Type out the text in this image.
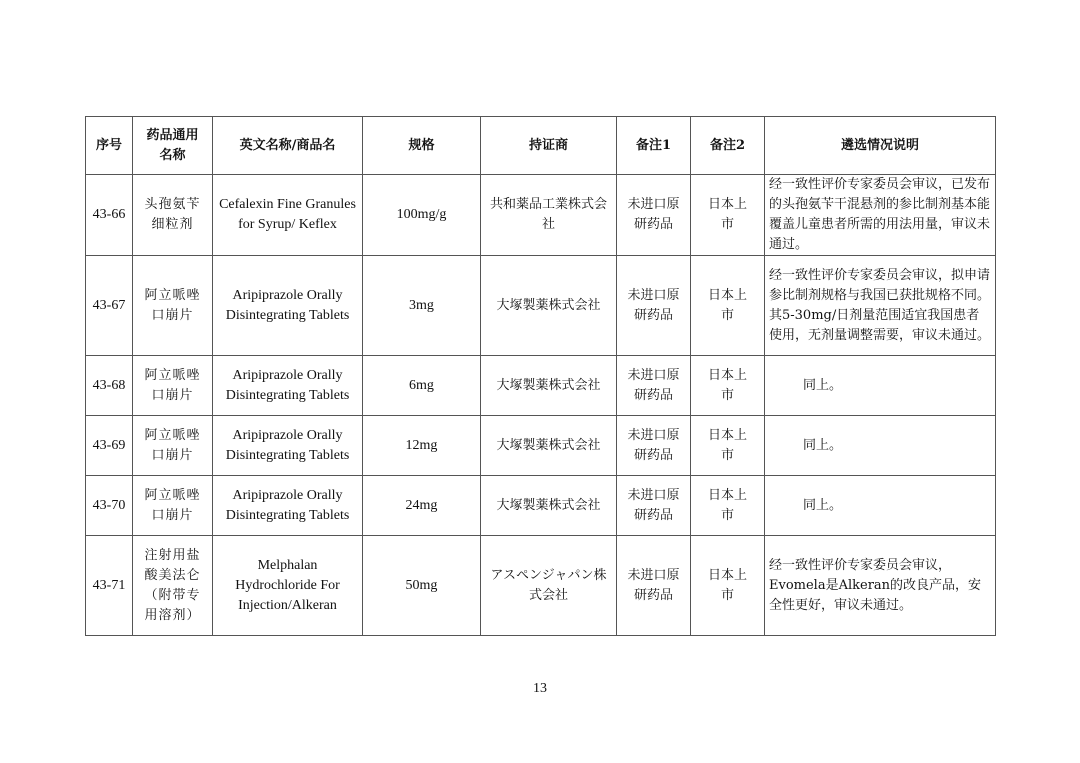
序号	药品通用名称	英文名称/商品名	规格	持证商	备注1	备注2	遴选情况说明
43-66	头孢氨苄细粒剂	Cefalexin Fine Granules for Syrup/ Keflex	100mg/g	共和薬品工業株式会社	未进口原研药品	日本上市	经一致性评价专家委员会审议，已发布的头孢氨苄干混悬剂的参比制剂基本能覆盖儿童患者所需的用法用量，审议未通过。
43-67	阿立哌唑口崩片	Aripiprazole Orally Disintegrating Tablets	3mg	大塚製薬株式会社	未进口原研药品	日本上市	经一致性评价专家委员会审议，拟申请参比制剂规格与我国已获批规格不同。其5-30mg/日剂量范围适宜我国患者使用，无剂量调整需要，审议未通过。
43-68	阿立哌唑口崩片	Aripiprazole Orally Disintegrating Tablets	6mg	大塚製薬株式会社	未进口原研药品	日本上市	同上。
43-69	阿立哌唑口崩片	Aripiprazole Orally Disintegrating Tablets	12mg	大塚製薬株式会社	未进口原研药品	日本上市	同上。
43-70	阿立哌唑口崩片	Aripiprazole Orally Disintegrating Tablets	24mg	大塚製薬株式会社	未进口原研药品	日本上市	同上。
43-71	注射用盐酸美法仑（附带专用溶剂）	Melphalan Hydrochloride For Injection/Alkeran	50mg	アスペンジャパン株式会社	未进口原研药品	日本上市	经一致性评价专家委员会审议，Evomela是Alkeran的改良产品，安全性更好，审议未通过。
13
